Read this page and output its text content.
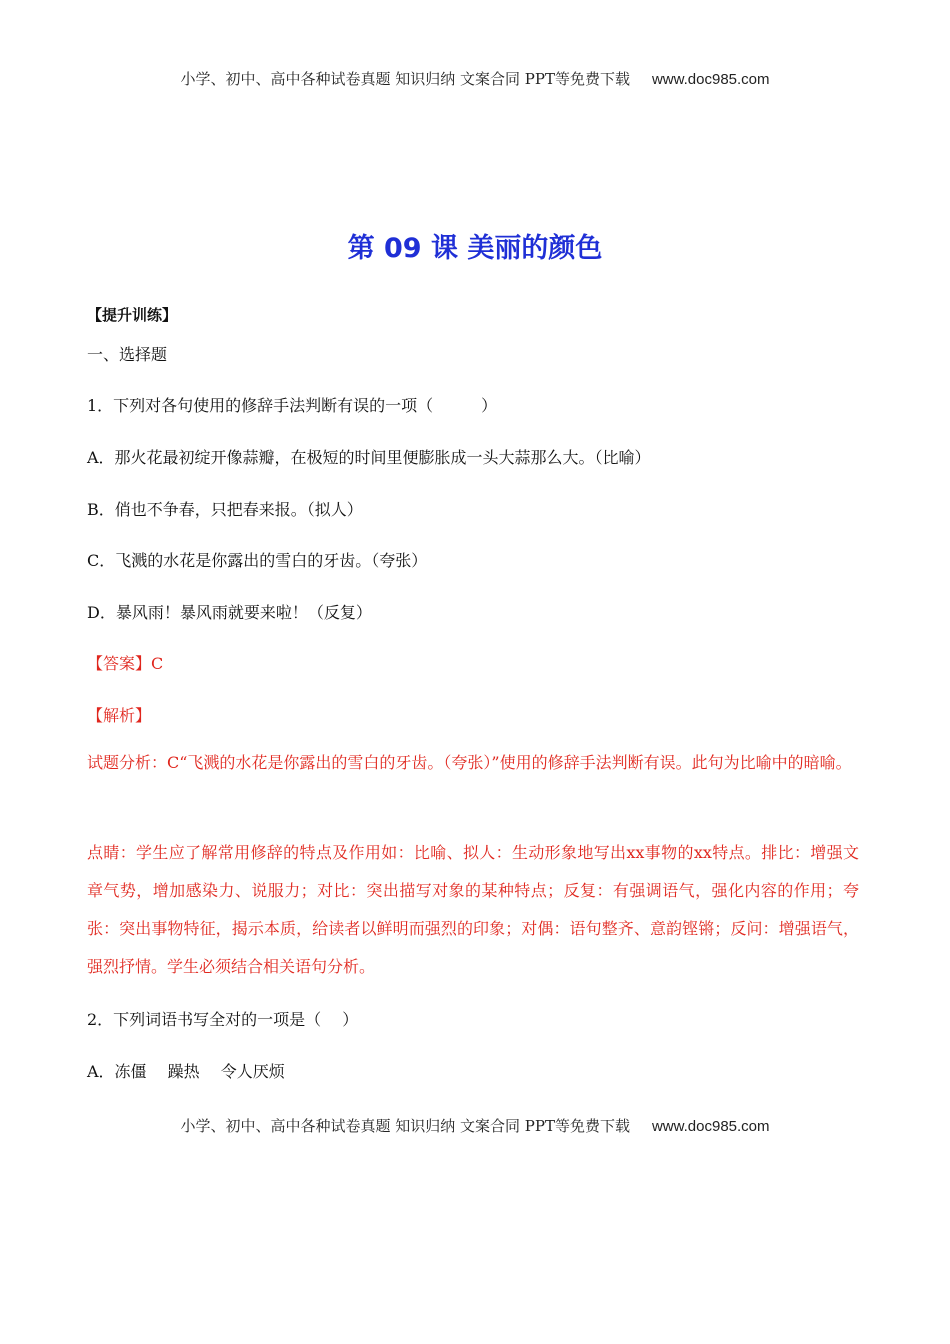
小学、初中、高中各种试卷真题 知识归纳 文案合同 PPT等免费下载 www.doc985.com
第 09 课 美丽的颜色
【提升训练】
一、选择题
1．下列对各句使用的修辞手法判断有误的一项（　　　）
A．那火花最初绽开像蒜瓣，在极短的时间里便膨胀成一头大蒜那么大。（比喻）
B．俏也不争春，只把春来报。（拟人）
C．飞溅的水花是你露出的雪白的牙齿。（夸张）
D．暴风雨！暴风雨就要来啦！（反复）
【答案】C
【解析】
试题分析：C“飞溅的水花是你露出的雪白的牙齿。（夸张）”使用的修辞手法判断有误。此句为比喻中的暗喻。
点睛：学生应了解常用修辞的特点及作用如：比喻、拟人：生动形象地写出xx事物的xx特点。排比：增强文章气势，增加感染力、说服力；对比：突出描写对象的某种特点；反复：有强调语气，强化内容的作用；夸张：突出事物特征，揭示本质，给读者以鲜明而强烈的印象；对偶：语句整齐、意韵铿锵；反问：增强语气，强烈抒情。学生必须结合相关语句分析。
2．下列词语书写全对的一项是（　 ）
A．冻僵　 躁热　 令人厌烦
小学、初中、高中各种试卷真题 知识归纳 文案合同 PPT等免费下载 www.doc985.com
